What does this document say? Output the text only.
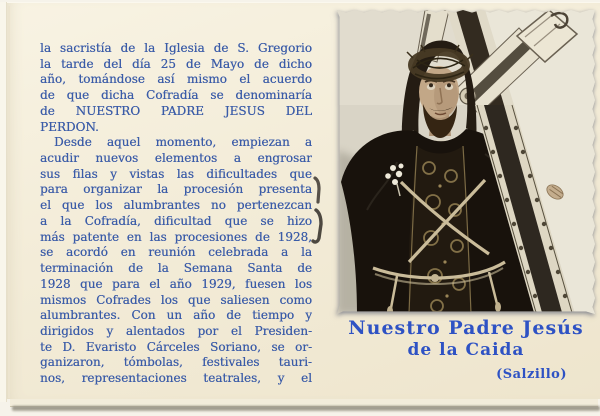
la sacristía de la Iglesia de S. Gregorio
la tarde del día 25 de Mayo de dicho
año, tomándose así mismo el acuerdo
de que dicha Cofradía se denominaría
de NUESTRO PADRE JESUS DEL
PERDON.
Desde aquel momento, empiezan a
acudir nuevos elementos a engrosar
sus filas y vistas las dificultades que
para organizar la procesión presenta
el que los alumbrantes no pertenezcan
a la Cofradía, dificultad que se hizo
más patente en las procesiones de 1928,
se acordó en reunión celebrada a la
terminación de la Semana Santa de
1928 que para el año 1929, fuesen los
mismos Cofrades los que saliesen como
alumbrantes. Con un año de tiempo y
dirigidos y alentados por el Presiden-
te D. Evaristo Cárceles Soriano, se or-
ganizaron, tómbolas, festivales tauri-
nos, representaciones teatrales, y el
Nuestro Padre Jesús
de la Caida
(Salzillo)
